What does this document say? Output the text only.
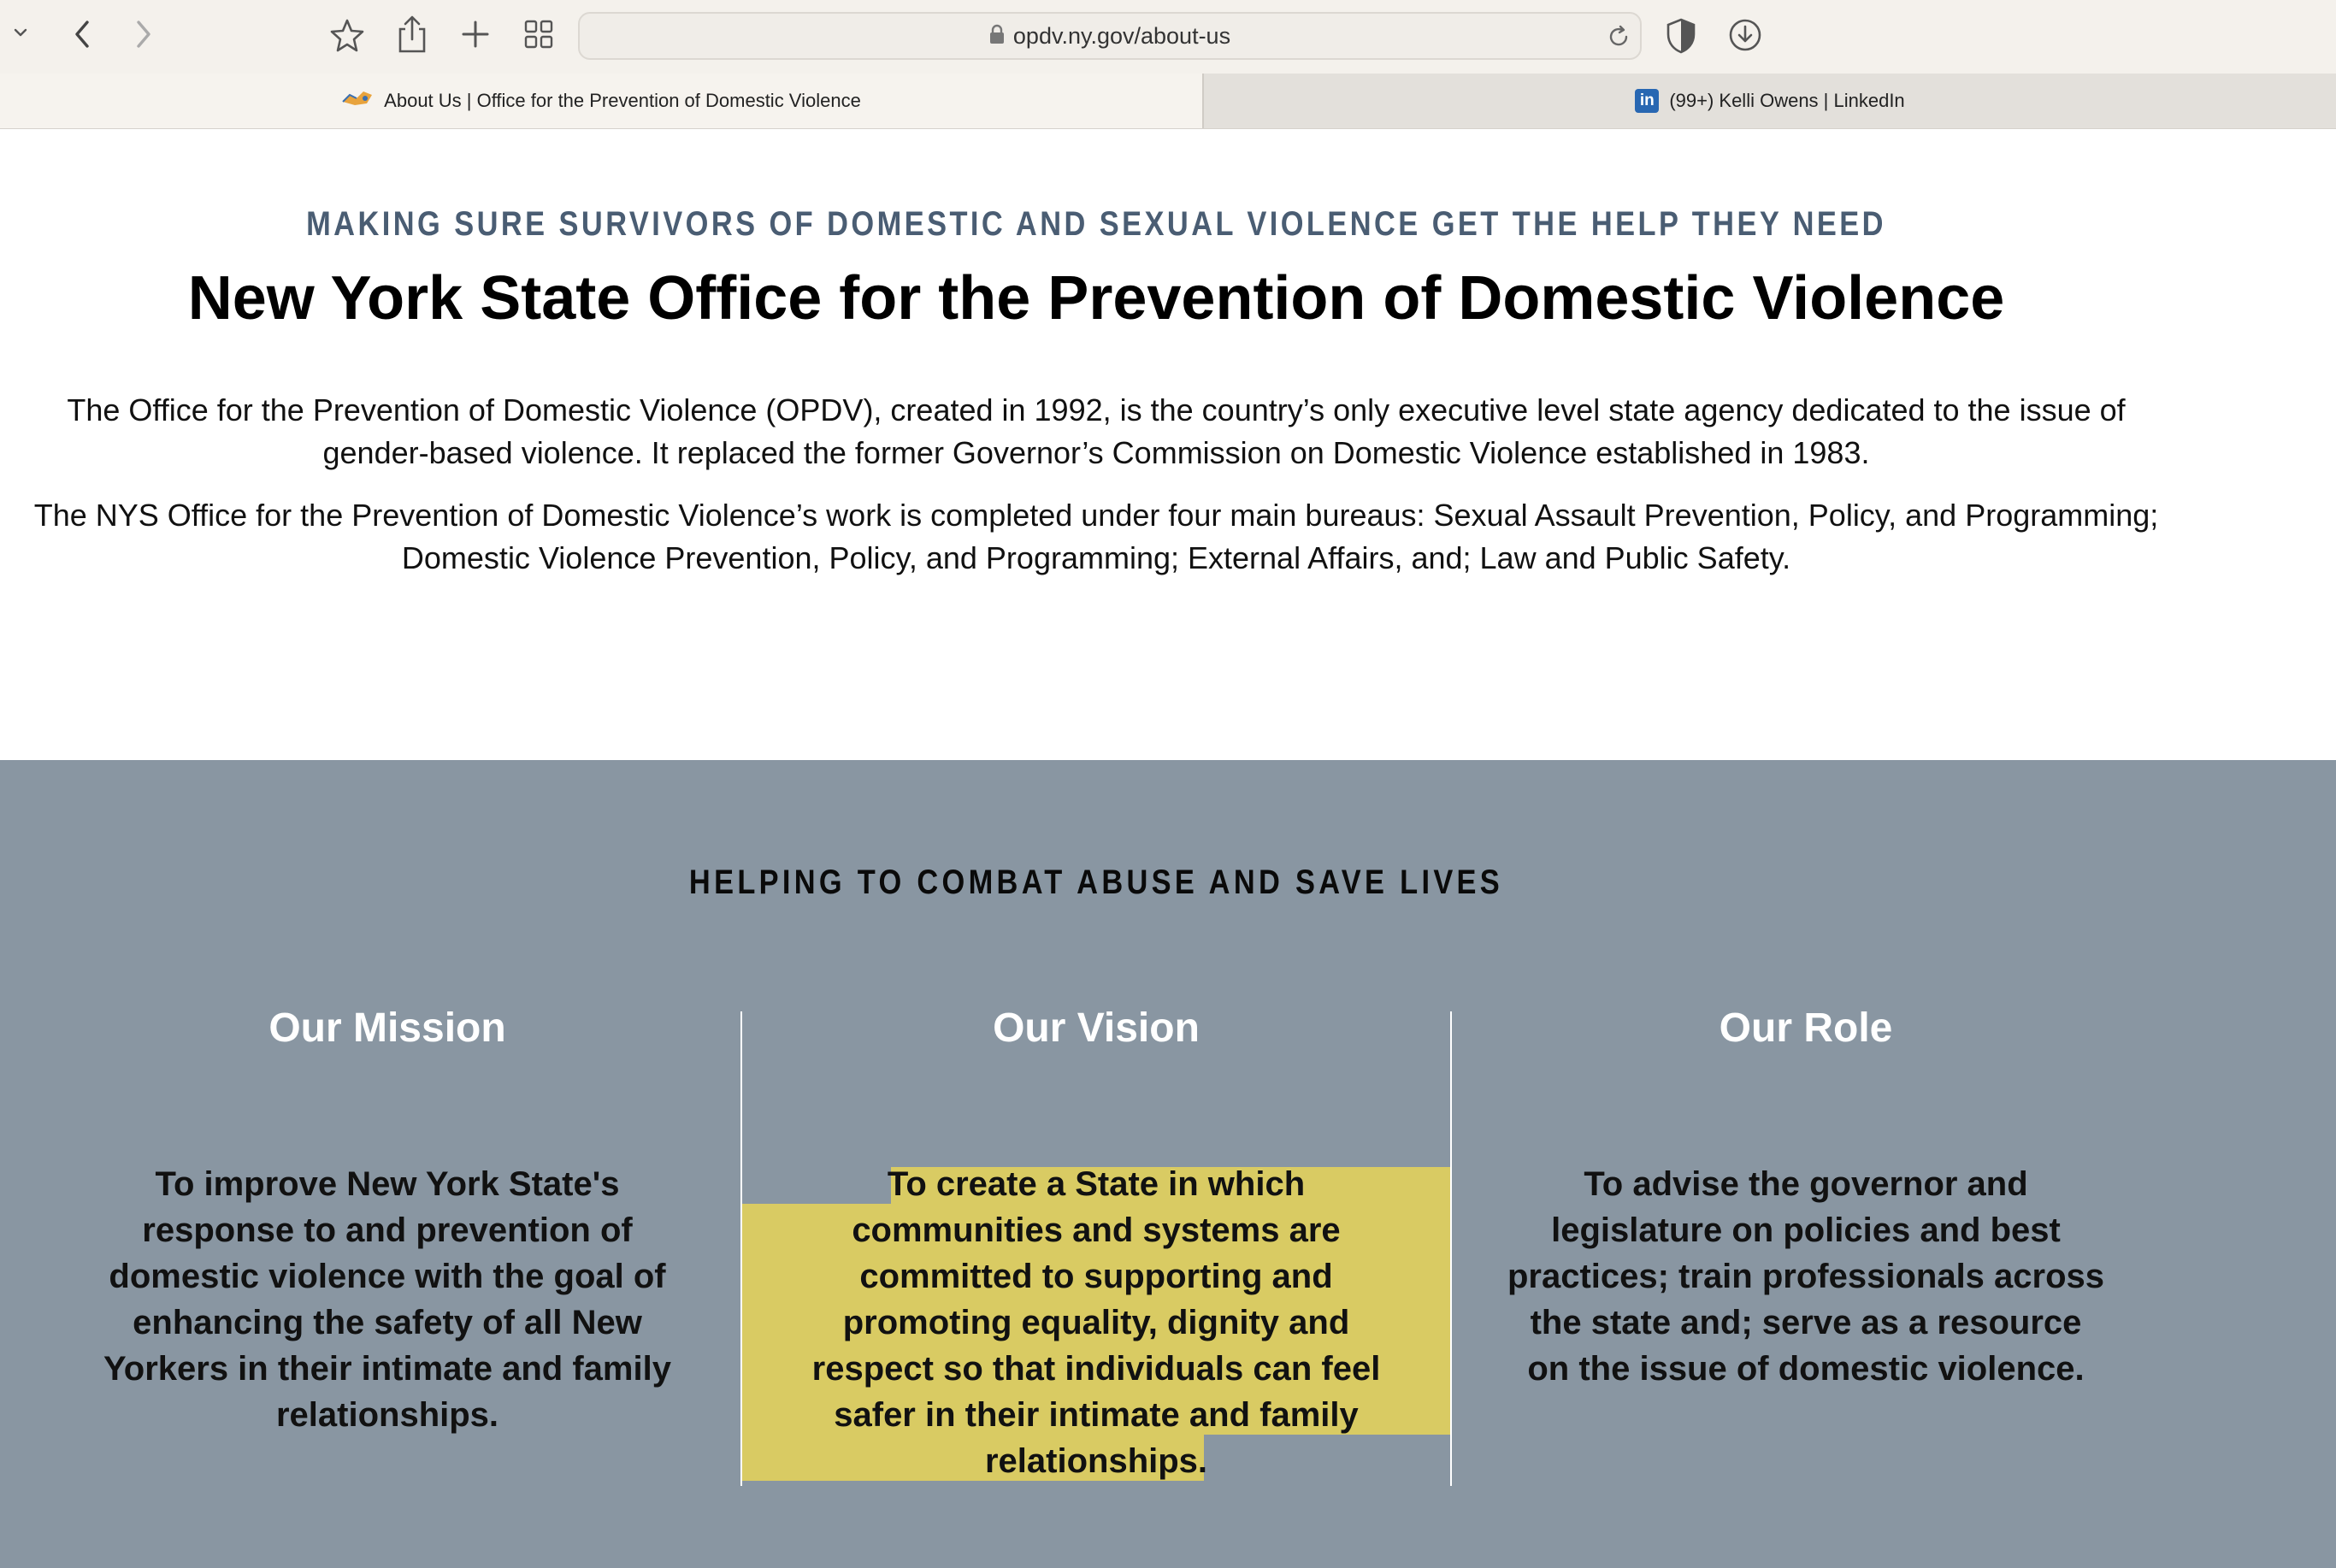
opdv.ny.gov/about-us
About Us | Office for the Prevention of Domestic Violence	in (99+) Kelli Owens | LinkedIn
MAKING SURE SURVIVORS OF DOMESTIC AND SEXUAL VIOLENCE GET THE HELP THEY NEED
New York State Office for the Prevention of Domestic Violence

The Office for the Prevention of Domestic Violence (OPDV), created in 1992, is the country’s only executive level state agency dedicated to the issue of gender-based violence. It replaced the former Governor’s Commission on Domestic Violence established in 1983.

The NYS Office for the Prevention of Domestic Violence’s work is completed under four main bureaus: Sexual Assault Prevention, Policy, and Programming; Domestic Violence Prevention, Policy, and Programming; External Affairs, and; Law and Public Safety.

HELPING TO COMBAT ABUSE AND SAVE LIVES
Our Mission

To improve New York State's response to and prevention of domestic violence with the goal of enhancing the safety of all New Yorkers in their intimate and family relationships.

Our Vision

To create a State in which communities and systems are committed to supporting and promoting equality, dignity and respect so that individuals can feel safer in their intimate and family relationships.

Our Role

To advise the governor and legislature on policies and best practices; train professionals across the state and; serve as a resource on the issue of domestic violence.
